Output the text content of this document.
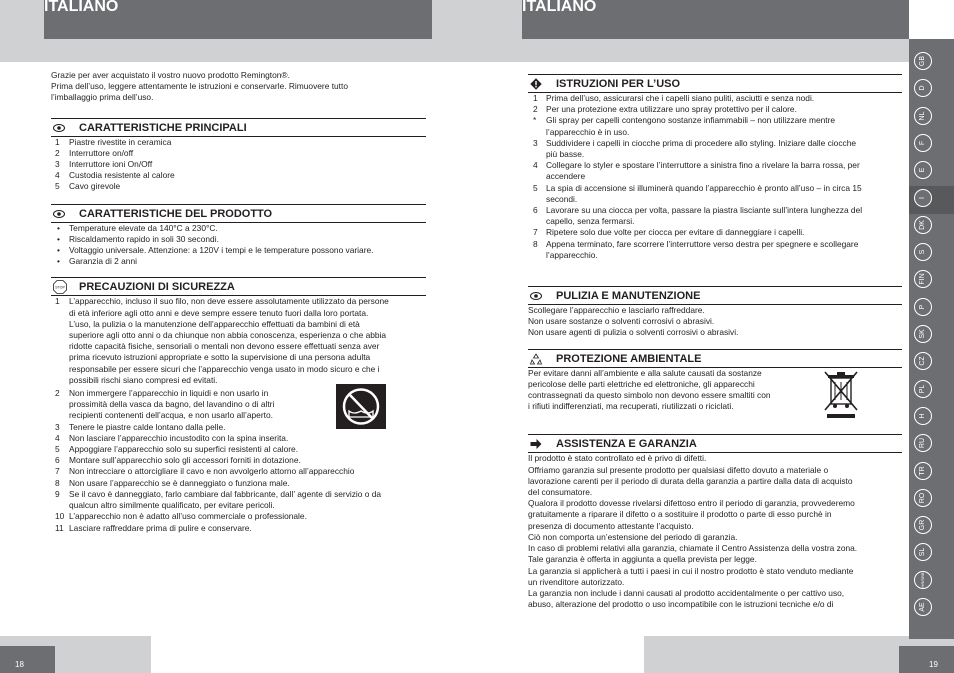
ITALIANO
18
ITALIANO
19
GB
D
NL
F
E
I
DK
S
FIN
P
SK
CZ
PL
H
RU
TR
RO
GR
SL
HR/SRB
AE

Grazie per aver acquistato il vostro nuovo prodotto Remington®.

Prima dell’uso, leggere attentamente le istruzioni e conservarle. Rimuovere tutto

l’imballaggio prima dell’uso.

CARATTERISTICHE PRINCIPALI
1 Piastre rivestite in ceramica
2 Interruttore on/off
3 Interruttore ioni On/Off
4 Custodia resistente al calore
5 Cavo girevole
CARATTERISTICHE DEL PRODOTTO
• Temperature elevate da 140°C a 230°C.
• Riscaldamento rapido in soli 30 secondi.
• Voltaggio universale. Attenzione: a 120V i tempi e le temperature possono variare.
• Garanzia di 2 anni
STOP PRECAUZIONI DI SICUREZZA
1 L’apparecchio, incluso il suo filo, non deve essere assolutamente utilizzato da persone
di età inferiore agli otto anni e deve sempre essere tenuto fuori dalla loro portata.
L’uso, la pulizia o la manutenzione dell’apparecchio effettuati da bambini di età
superiore agli otto anni o da chiunque non abbia conoscenza, esperienza o che abbia
ridotte capacità fisiche, sensoriali o mentali non devono essere effettuati senza aver
prima ricevuto istruzioni appropriate e sotto la supervisione di una persona adulta
responsabile per essere sicuri che l’apparecchio venga usato in modo sicuro e che i
possibili rischi siano compresi ed evitati.
2 Non immergere l’apparecchio in liquidi e non usarlo in
prossimità della vasca da bagno, del lavandino o di altri
recipienti contenenti dell’acqua, e non usarlo all’aperto.
3 Tenere le piastre calde lontano dalla pelle.
4 Non lasciare l’apparecchio incustodito con la spina inserita.
5 Appoggiare l’apparecchio solo su superfici resistenti al calore.
6 Montare sull’apparecchio solo gli accessori forniti in dotazione.
7 Non intrecciare o attorcigliare il cavo e non avvolgerlo attorno all’apparecchio
8 Non usare l’apparecchio se è danneggiato o funziona male.
9 Se il cavo è danneggiato, farlo cambiare dal fabbricante, dall’ agente di servizio o da
qualcun altro similmente qualificato, per evitare pericoli.
10 L’apparecchio non è adatto all’uso commerciale o professionale.
11 Lasciare raffreddare prima di pulire e conservare.
ISTRUZIONI PER L’USO
1 Prima dell’uso, assicurarsi che i capelli siano puliti, asciutti e senza nodi.
2 Per una protezione extra utilizzare uno spray protettivo per il calore.
* Gli spray per capelli contengono sostanze infiammabili – non utilizzare mentre
l’apparecchio è in uso.
3 Suddividere i capelli in ciocche prima di procedere allo styling. Iniziare dalle ciocche
più basse.
4 Collegare lo styler e spostare l’interruttore a sinistra fino a rivelare la barra rossa, per
accendere
5 La spia di accensione si illuminerà quando l’apparecchio è pronto all’uso – in circa 15
secondi.
6 Lavorare su una ciocca per volta, passare la piastra lisciante sull’intera lunghezza del
capello, senza fermarsi.
7 Ripetere solo due volte per ciocca per evitare di danneggiare i capelli.
8 Appena terminato, fare scorrere l’interruttore verso destra per spegnere e scollegare
l’apparecchio.
PULIZIA E MANUTENZIONE
Scollegare l’apparecchio e lasciarlo raffreddare.
Non usare sostanze o solventi corrosivi o abrasivi.
Non usare agenti di pulizia o solventi corrosivi o abrasivi.
PROTEZIONE AMBIENTALE
Per evitare danni all’ambiente e alla salute causati da sostanze
pericolose delle parti elettriche ed elettroniche, gli apparecchi
contrassegnati da questo simbolo non devono essere smaltiti con
i rifiuti indifferenziati, ma recuperati, riutilizzati o riciclati.
ASSISTENZA E GARANZIA
Il prodotto è stato controllato ed è privo di difetti.
Offriamo garanzia sul presente prodotto per qualsiasi difetto dovuto a materiale o
lavorazione carenti per il periodo di durata della garanzia a partire dalla data di acquisto
del consumatore.
Qualora il prodotto dovesse rivelarsi difettoso entro il periodo di garanzia, provvederemo
gratuitamente a riparare il difetto o a sostituire il prodotto o parte di esso purchè in
presenza di documento attestante l’acquisto.
Ciò non comporta un’estensione del periodo di garanzia.
In caso di problemi relativi alla garanzia, chiamate il Centro Assistenza della vostra zona.
Tale garanzia è offerta in aggiunta a quella prevista per legge.
La garanzia si applicherà a tutti i paesi in cui il nostro prodotto è stato venduto mediante
un rivenditore autorizzato.
La garanzia non include i danni causati al prodotto accidentalmente o per cattivo uso,
abuso, alterazione del prodotto o uso incompatibile con le istruzioni tecniche e/o di
